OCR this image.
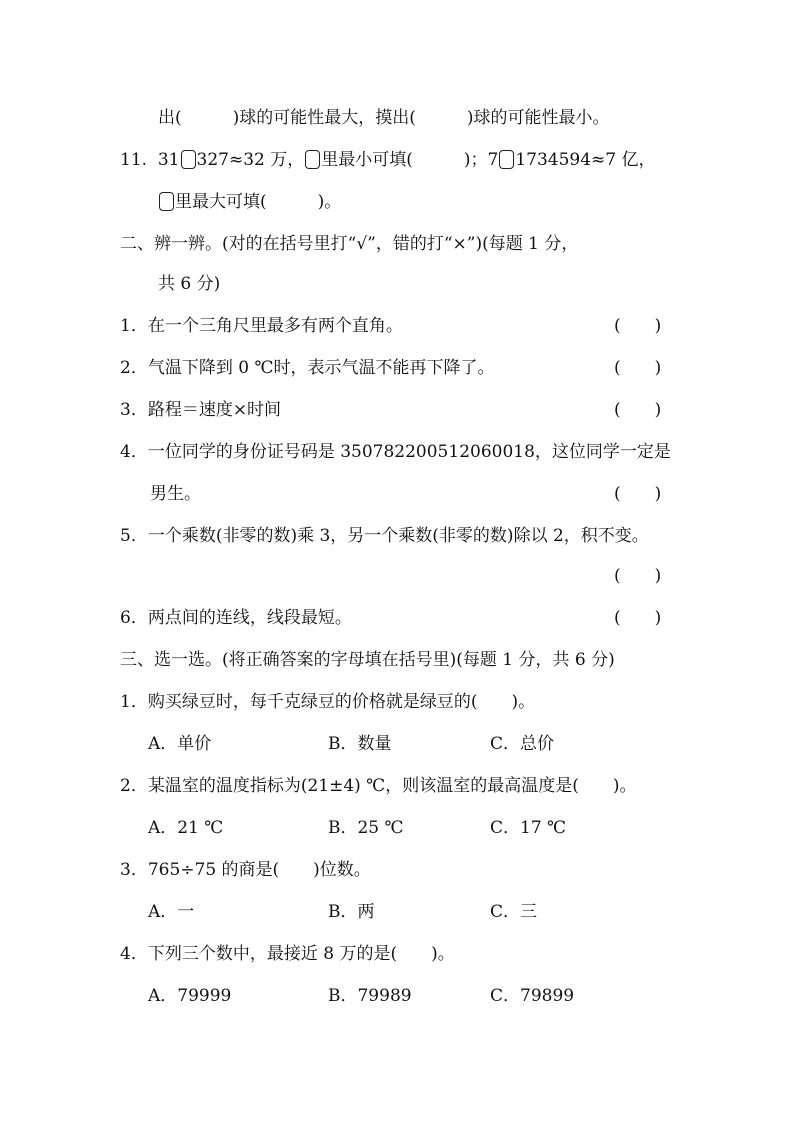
出(　　　)球的可能性最大，摸出(　　　)球的可能性最小。
11. 31 327≈32 万， 里最小可填(　　　)；7 1734594≈7 亿，
里最大可填(　　　)。
二、辨一辨。(对的在括号里打“√”，错的打“×”)(每题 1 分，
共 6 分)
1．在一个三角尺里最多有两个直角。	(　　)
2．气温下降到 0 ℃时，表示气温不能再下降了。	(　　)
3．路程＝速度×时间	(　　)
4．一位同学的身份证号码是 350782200512060018，这位同学一定是
男生。	(　　)
5．一个乘数(非零的数)乘 3，另一个乘数(非零的数)除以 2，积不变。
(　　)
6．两点间的连线，线段最短。	(　　)
三、选一选。(将正确答案的字母填在括号里)(每题 1 分，共 6 分)
1．购买绿豆时，每千克绿豆的价格就是绿豆的(　　)。
A．单价	B．数量	C．总价
2．某温室的温度指标为(21±4) ℃，则该温室的最高温度是(　　)。
A．21 ℃	B．25 ℃	C．17 ℃
3．765÷75 的商是(　　)位数。
A．一	B．两	C．三
4．下列三个数中，最接近 8 万的是(　　)。
A．79999	B．79989	C．79899
